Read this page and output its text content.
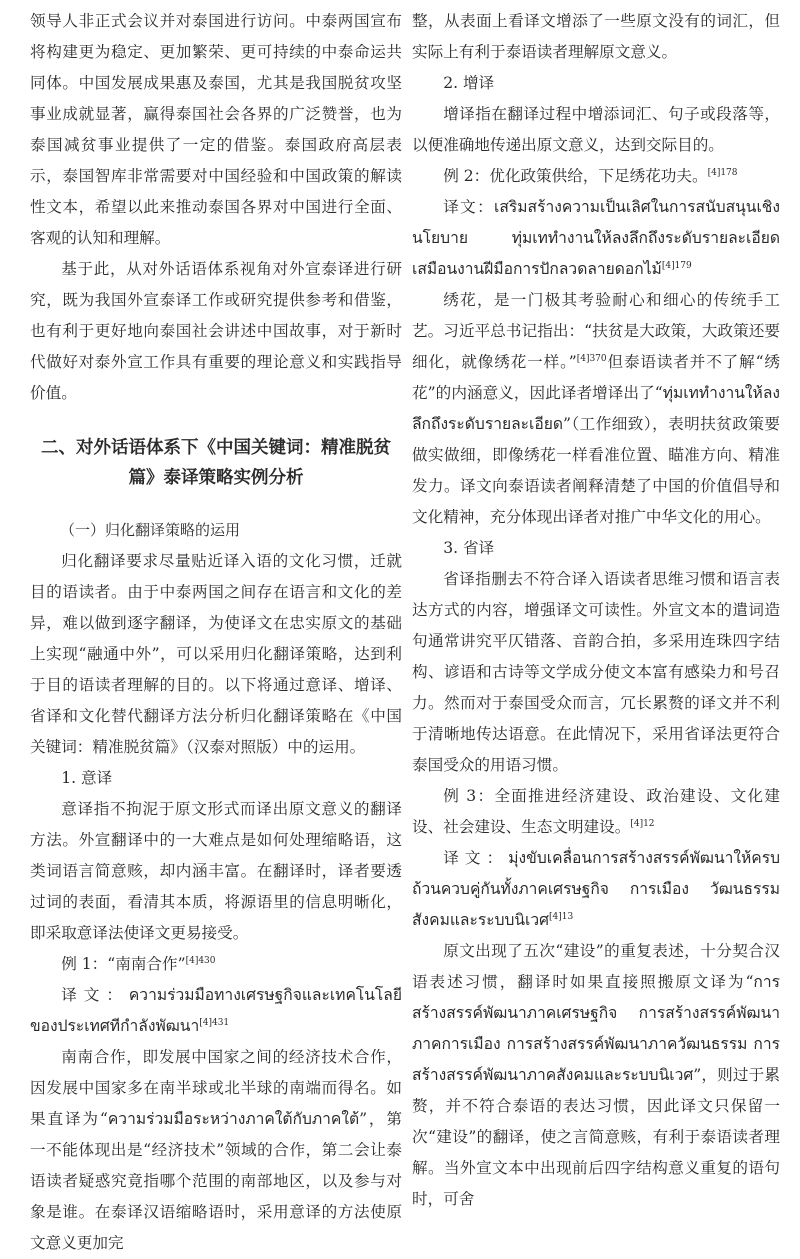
领导人非正式会议并对泰国进行访问。中泰两国宣布将构建更为稳定、更加繁荣、更可持续的中泰命运共同体。中国发展成果惠及泰国，尤其是我国脱贫攻坚事业成就显著，赢得泰国社会各界的广泛赞誉，也为泰国减贫事业提供了一定的借鉴。泰国政府高层表示，泰国智库非常需要对中国经验和中国政策的解读性文本，希望以此来推动泰国各界对中国进行全面、客观的认知和理解。

基于此，从对外话语体系视角对外宣泰译进行研究，既为我国外宣泰译工作或研究提供参考和借鉴，也有利于更好地向泰国社会讲述中国故事，对于新时代做好对泰外宣工作具有重要的理论意义和实践指导价值。

二、对外话语体系下《中国关键词：精准脱贫
篇》泰译策略实例分析

（一）归化翻译策略的运用

归化翻译要求尽量贴近译入语的文化习惯，迁就目的语读者。由于中泰两国之间存在语言和文化的差异，难以做到逐字翻译，为使译文在忠实原文的基础上实现“融通中外”，可以采用归化翻译策略，达到利于目的语读者理解的目的。以下将通过意译、增译、省译和文化替代翻译方法分析归化翻译策略在《中国关键词：精准脱贫篇》（汉泰对照版）中的运用。

1. 意译

意译指不拘泥于原文形式而译出原文意义的翻译方法。外宣翻译中的一大难点是如何处理缩略语，这类词语言简意赅，却内涵丰富。在翻译时，译者要透过词的表面，看清其本质，将源语里的信息明晰化，即采取意译法使译文更易接受。

例 1：“南南合作”$^{[4]430}$

译文：ความร่วมมือทางเศรษฐกิจและเทคโนโลยีของประเทศทีกำลังพัฒนา$^{[4]431}$

南南合作，即发展中国家之间的经济技术合作，因发展中国家多在南半球或北半球的南端而得名。如果直译为“ความร่วมมือระหว่างภาคใต้กับภาคใต้”，第一不能体现出是“经济技术”领域的合作，第二会让泰语读者疑惑究竟指哪个范围的南部地区，以及参与对象是谁。在泰译汉语缩略语时，采用意译的方法使原文意义更加完

整，从表面上看译文增添了一些原文没有的词汇，但实际上有利于泰语读者理解原文意义。

2. 增译

增译指在翻译过程中增添词汇、句子或段落等，以便准确地传递出原文意义，达到交际目的。

例 2：优化政策供给，下足绣花功夫。$^{[4]178}$

译文：เสริมสร้างความเป็นเลิศในการสนับสนุนเชิงนโยบาย ทุ่มเททำงานให้ลงลึกถึงระดับรายละเอียดเสมือนงานฝีมือการปักลวดลายดอกไม้$^{[4]179}$

绣花，是一门极其考验耐心和细心的传统手工艺。习近平总书记指出：“扶贫是大政策，大政策还要细化，就像绣花一样。”$^{[4]370}$但泰语读者并不了解“绣花”的内涵意义，因此译者增译出了“ทุ่มเททำงานให้ลงลึกถึงระดับรายละเอียด”（工作细致），表明扶贫政策要做实做细，即像绣花一样看准位置、瞄准方向、精准发力。译文向泰语读者阐释清楚了中国的价值倡导和文化精神，充分体现出译者对推广中华文化的用心。

3. 省译

省译指删去不符合译入语读者思维习惯和语言表达方式的内容，增强译文可读性。外宣文本的遣词造句通常讲究平仄错落、音韵合拍，多采用连珠四字结构、谚语和古诗等文学成分使文本富有感染力和号召力。然而对于泰国受众而言，冗长累赘的译文并不利于清晰地传达语意。在此情况下，采用省译法更符合泰国受众的用语习惯。

例 3：全面推进经济建设、政治建设、文化建设、社会建设、生态文明建设。$^{[4]12}$

译文：มุ่งขับเคลื่อนการสร้างสรรค์พัฒนาให้ครบถ้วนควบคู่กันทั้งภาคเศรษฐกิจ การเมือง วัฒนธรรม สังคมและระบบนิเวศ$^{[4]13}$

原文出现了五次“建设”的重复表述，十分契合汉语表述习惯，翻译时如果直接照搬原文译为“การสร้างสรรค์พัฒนาภาคเศรษฐกิจ การสร้างสรรค์พัฒนาภาคการเมือง การสร้างสรรค์พัฒนาภาควัฒนธรรม การสร้างสรรค์พัฒนาภาคสังคมและระบบนิเวศ”，则过于累赘，并不符合泰语的表达习惯，因此译文只保留一次“建设”的翻译，使之言简意赅，有利于泰语读者理解。当外宣文本中出现前后四字结构意义重复的语句时，可舍
